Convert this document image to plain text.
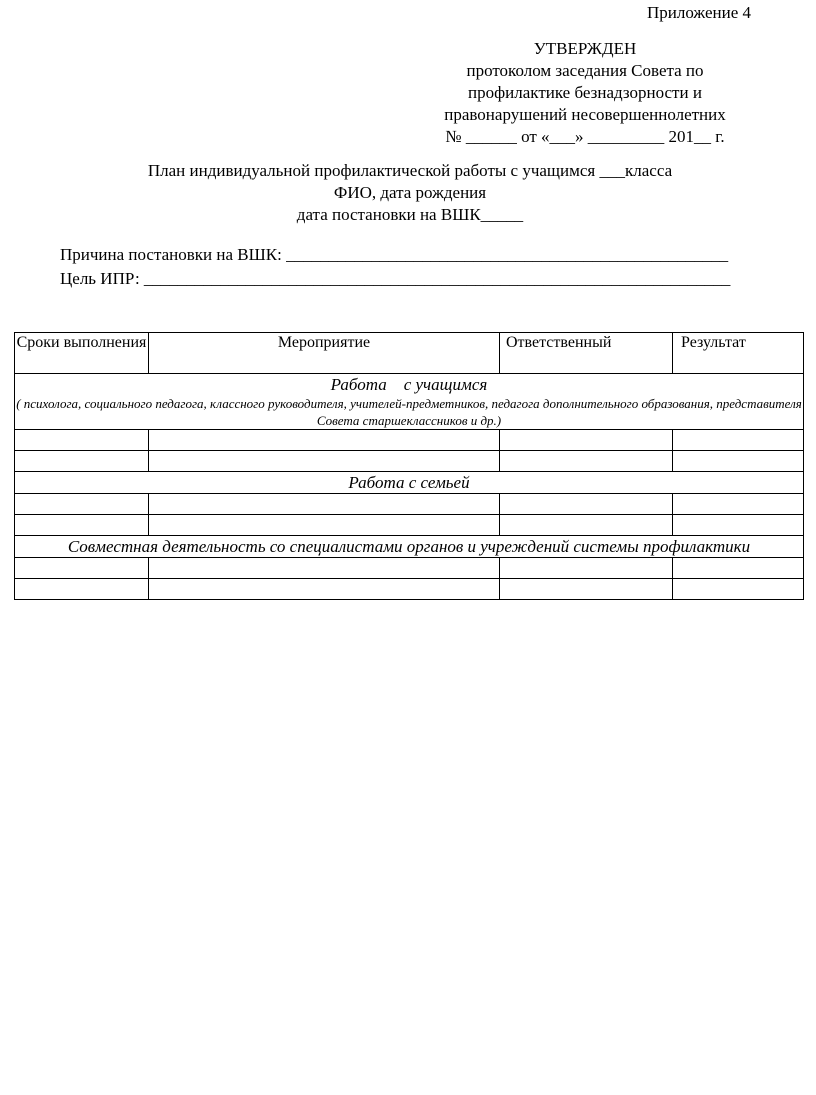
Приложение 4
УТВЕРЖДЕН
протоколом заседания Совета по
профилактике безнадзорности и
правонарушений несовершеннолетних
№ ______ от «___» _________ 201__ г.
План индивидуальной профилактической работы с учащимся ___класса
ФИО, дата рождения
дата постановки на ВШК_____
Причина постановки на ВШК: ____________________________________________________
Цель ИПР: _____________________________________________________________________
Сроки выполнения	Мероприятие	Ответственный	Результат

Работа    с учащимся
( психолога, социального педагога, классного руководителя, учителей-предметников, педагога дополнительного образования, представителя Совета старшеклассников и др.)			

Работа с семьей			

Совместная деятельность со специалистами органов и учреждений системы профилактики			
